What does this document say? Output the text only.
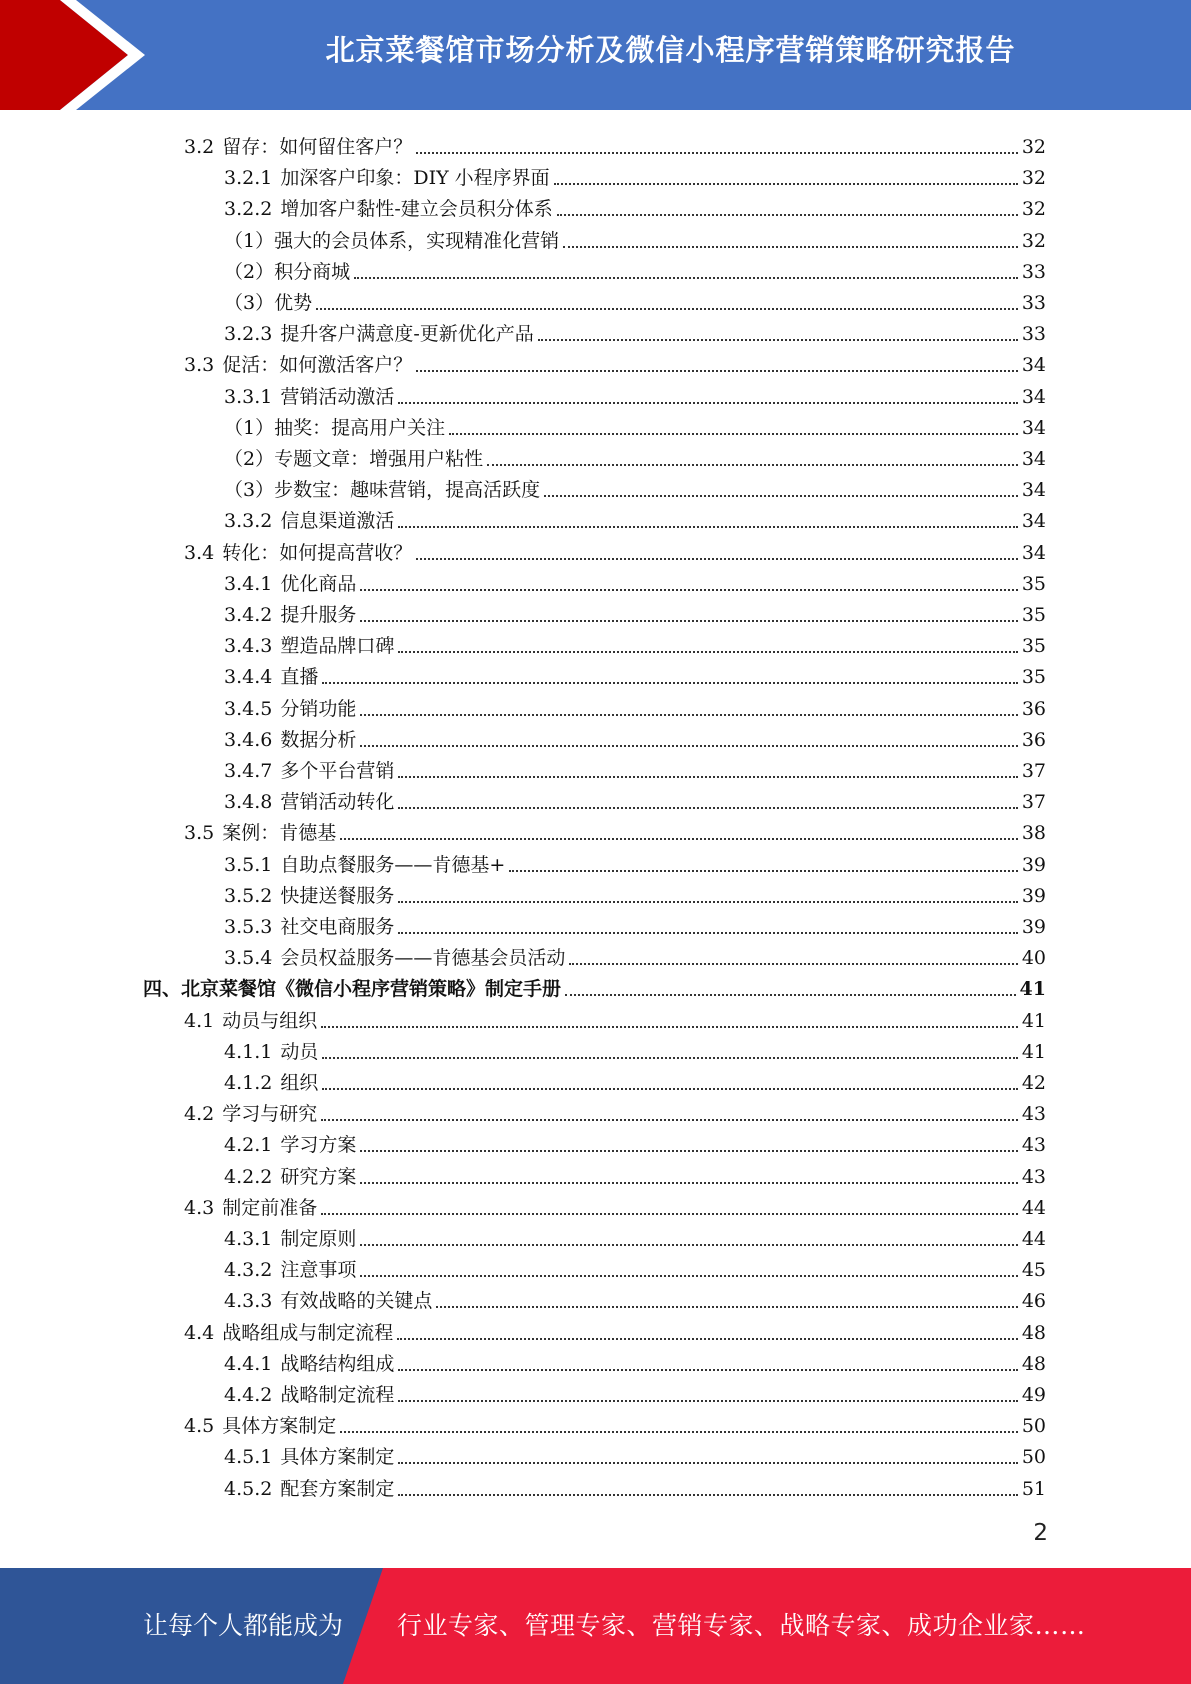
北京菜餐馆市场分析及微信小程序营销策略研究报告
3.2 留存：如何留住客户？	32
3.2.1 加深客户印象：DIY 小程序界面	32
3.2.2 增加客户黏性-建立会员积分体系	32
（1）强大的会员体系，实现精准化营销	32
（2）积分商城	33
（3）优势	33
3.2.3 提升客户满意度-更新优化产品	33
3.3 促活：如何激活客户？	34
3.3.1 营销活动激活	34
（1）抽奖：提高用户关注	34
（2）专题文章：增强用户粘性	34
（3）步数宝：趣味营销，提高活跃度	34
3.3.2 信息渠道激活	34
3.4 转化：如何提高营收？	34
3.4.1 优化商品	35
3.4.2 提升服务	35
3.4.3 塑造品牌口碑	35
3.4.4 直播	35
3.4.5 分销功能	36
3.4.6 数据分析	36
3.4.7 多个平台营销	37
3.4.8 营销活动转化	37
3.5 案例：肯德基	38
3.5.1 自助点餐服务——肯德基+	39
3.5.2 快捷送餐服务	39
3.5.3 社交电商服务	39
3.5.4 会员权益服务——肯德基会员活动	40
四、北京菜餐馆《微信小程序营销策略》制定手册	41
4.1 动员与组织	41
4.1.1 动员	41
4.1.2 组织	42
4.2 学习与研究	43
4.2.1 学习方案	43
4.2.2 研究方案	43
4.3 制定前准备	44
4.3.1 制定原则	44
4.3.2 注意事项	45
4.3.3 有效战略的关键点	46
4.4 战略组成与制定流程	48
4.4.1 战略结构组成	48
4.4.2 战略制定流程	49
4.5 具体方案制定	50
4.5.1 具体方案制定	50
4.5.2 配套方案制定	51
2
让每个人都能成为 行业专家、管理专家、营销专家、战略专家、成功企业家……
